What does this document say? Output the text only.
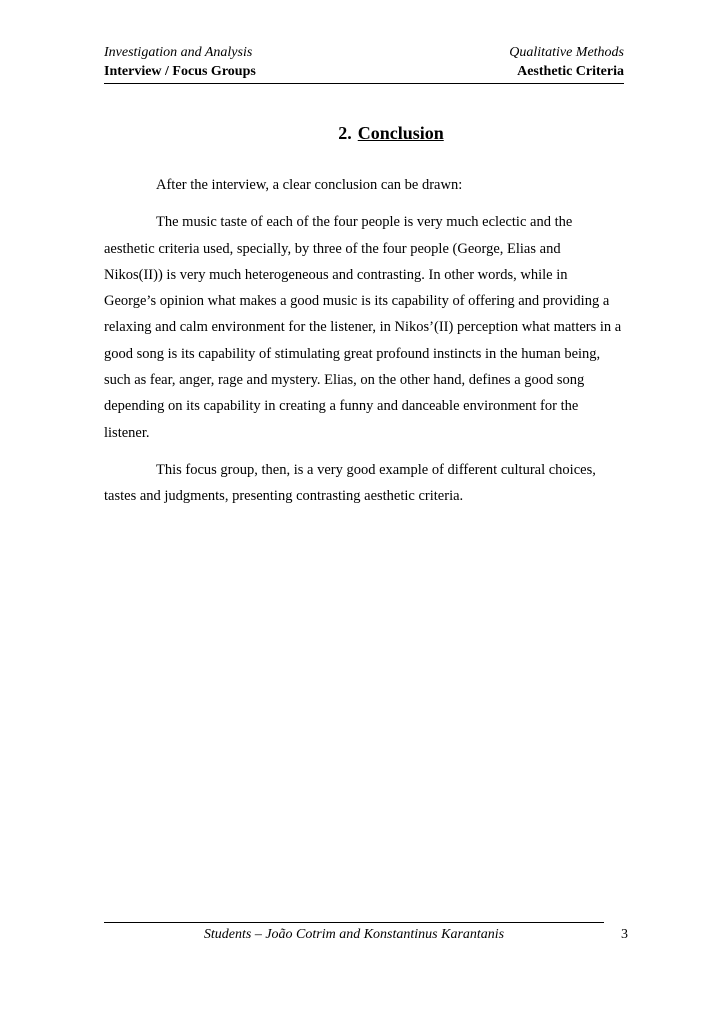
Investigation and Analysis	Qualitative Methods
Interview / Focus Groups	Aesthetic Criteria
2. Conclusion

After the interview, a clear conclusion can be drawn:

The music taste of each of the four people is very much eclectic and the aesthetic criteria used, specially, by three of the four people (George, Elias and Nikos(II)) is very much heterogeneous and contrasting. In other words, while in George’s opinion what makes a good music is its capability of offering and providing a relaxing and calm environment for the listener, in Nikos’(II) perception what matters in a good song is its capability of stimulating great profound instincts in the human being, such as fear, anger, rage and mystery. Elias, on the other hand, defines a good song depending on its capability in creating a funny and danceable environment for the listener.

This focus group, then, is a very good example of different cultural choices, tastes and judgments, presenting contrasting aesthetic criteria.

Students – João Cotrim and Konstantinus Karantanis	3
